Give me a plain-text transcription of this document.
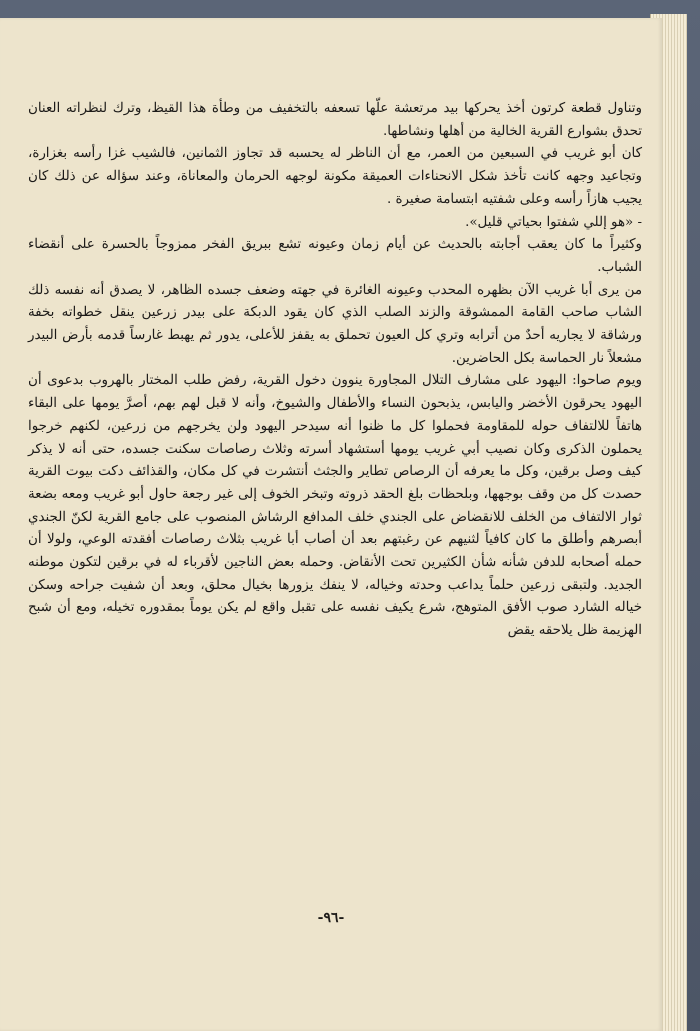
وتناول قطعة كرتون أخذ يحركها بيد مرتعشة علّها تسعفه بالتخفيف من وطأة هذا القيظ، وترك لنظراته العنان تحدق بشوارع القرية الخالية من أهلها ونشاطها.

كان أبو غريب في السبعين من العمر، مع أن الناظر له يحسبه قد تجاوز الثمانين، فالشيب غزا رأسه بغزارة، وتجاعيد وجهه كانت تأخذ شكل الانحناءات العميقة مكونة لوجهه الحرمان والمعاناة، وعند سؤاله عن ذلك كان يجيب هازاً رأسه وعلى شفتيه ابتسامة صغيرة .

- «هو إللي شفتوا بحياتي قليل».

وكثيراً ما كان يعقب أجابته بالحديث عن أيام زمان وعيونه تشع ببريق الفخر ممزوجاً بالحسرة على أنقضاء الشباب.

من يرى أبا غريب الآن بظهره المحدب وعيونه الغائرة في جهته وضعف جسده الظاهر، لا يصدق أنه نفسه ذلك الشاب صاحب القامة الممشوقة والزند الصلب الذي كان يقود الدبكة على بيدر زرعين ينقل خطواته بخفة ورشاقة لا يجاريه أحدٌ من أترابه وتري كل العيون تحملق به يقفز للأعلى، يدور ثم يهبط غارساً قدمه بأرض البيدر مشعلاً نار الحماسة بكل الحاضرين.

ويوم صاحوا: اليهود على مشارف التلال المجاورة ينوون دخول القرية، رفض طلب المختار بالهروب بدعوى أن اليهود يحرقون الأخضر واليابس، يذبحون النساء والأطفال والشيوخ، وأنه لا قبل لهم بهم، أصرَّ يومها على البقاء هاتفاً للالتفاف حوله للمقاومة فحملوا كل ما ظنوا أنه سيدحر اليهود ولن يخرجهم من زرعين، لكنهم خرجوا يحملون الذكرى وكان نصيب أبي غريب يومها أستشهاد أسرته وثلاث رصاصات سكنت جسده، حتى أنه لا يذكر كيف وصل برقين، وكل ما يعرفه أن الرصاص تطاير والجثث أنتشرت في كل مكان، والقذائف دكت بيوت القرية حصدت كل من وقف بوجهها، وبلحظات بلغ الحقد ذروته وتبخر الخوف إلى غير رجعة حاول أبو غريب ومعه بضعة ثوار الالتفاف من الخلف للانقضاض على الجندي خلف المدافع الرشاش المنصوب على جامع القرية لكنّ الجندي أبصرهم وأطلق ما كان كافياً لثنيهم عن رغبتهم بعد أن أصاب أبا غريب بثلاث رصاصات أفقدته الوعي، ولولا أن حمله أصحابه للدفن شأنه شأن الكثيرين تحت الأنقاض. وحمله بعض الناجين لأقرباء له في برقين لتكون موطنه الجديد. ولتبقى زرعين حلماً يداعب وحدته وخياله، لا ينفك يزورها بخيال محلق، وبعد أن شفيت جراحه وسكن خياله الشارد صوب الأفق المتوهج، شرع يكيف نفسه على تقبل واقع لم يكن يوماً بمقدوره تخيله، ومع أن شبح الهزيمة ظل يلاحقه يقض

-٩٦-
